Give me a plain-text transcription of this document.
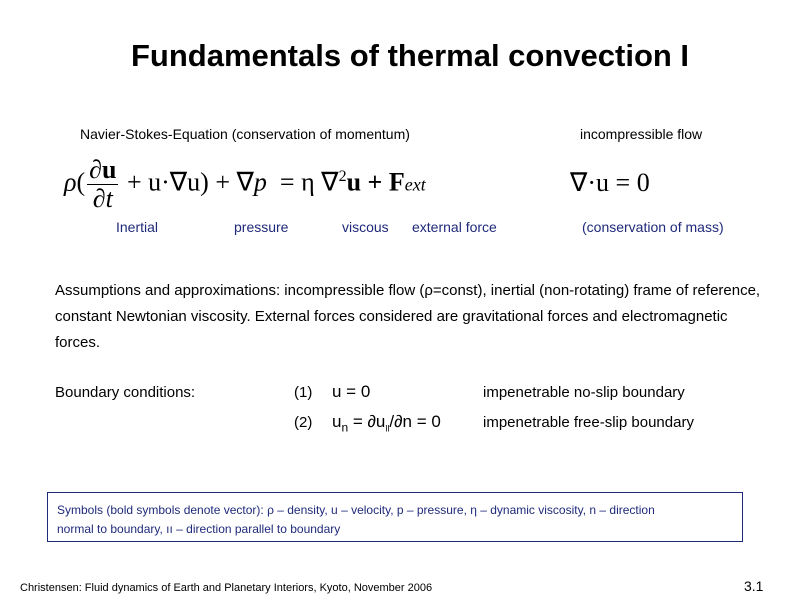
Fundamentals of thermal convection I
Navier-Stokes-Equation (conservation of momentum)	incompressible flow
$\rho( \frac{\partial u}{\partial t} + u\cdot\nabla u) + \nabla p = \eta$ ∇$^2$u + Fext	∇·u = 0
Inertial	pressure	viscous external force	(conservation of mass)
Assumptions and approximations: incompressible flow (ρ=const), inertial (non-rotating) frame of reference, constant Newtonian viscosity. External forces considered are gravitational forces and electromagnetic forces.
Boundary conditions:	(1) u = 0	impenetrable no-slip boundary
(2) $u_n = \partial u_{ll}/\partial n = 0$	impenetrable free-slip boundary
Symbols (bold symbols denote vector): ρ – density, u – velocity, p – pressure, η – dynamic viscosity, n – direction
normal to boundary, ıı – direction parallel to boundary
Christensen: Fluid dynamics of Earth and Planetary Interiors, Kyoto, November 2006	3.1
